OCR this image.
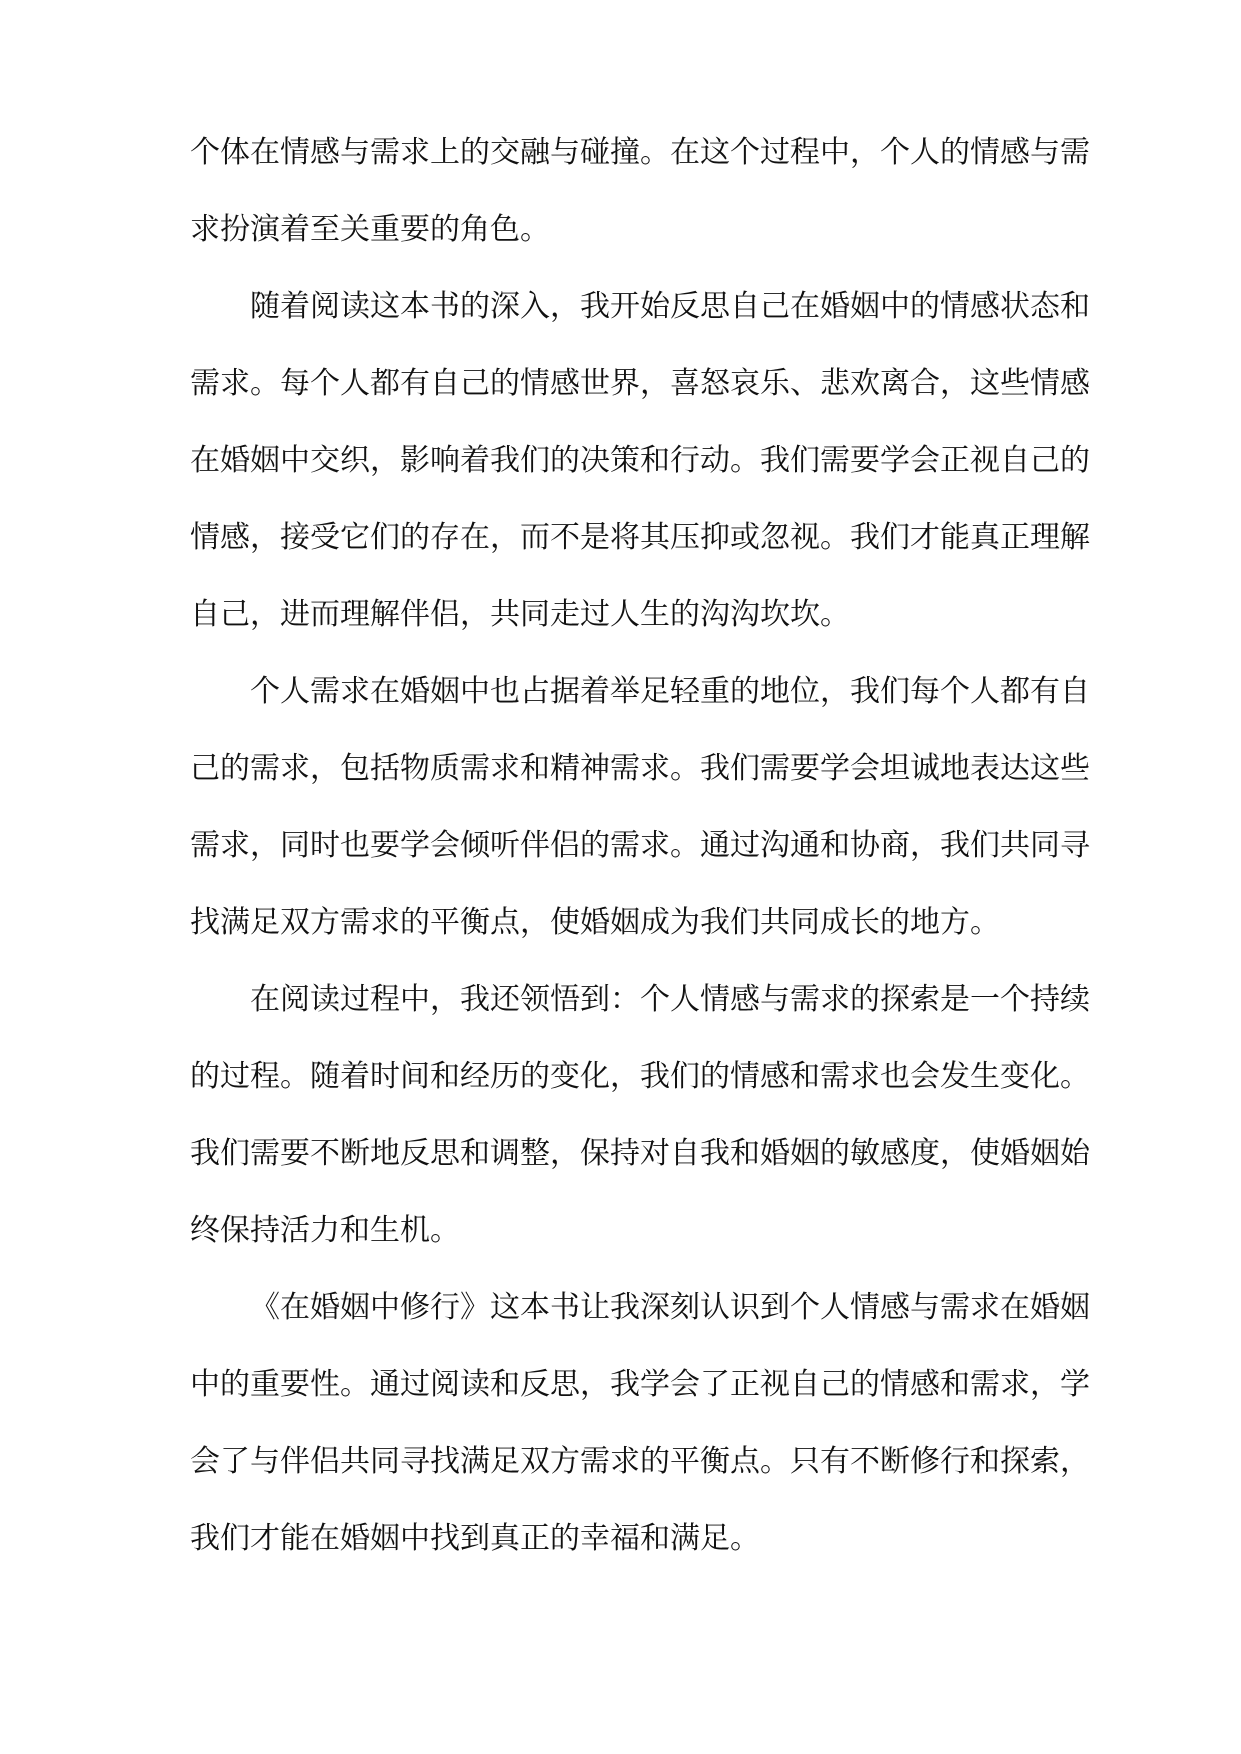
个体在情感与需求上的交融与碰撞。在这个过程中，个人的情感与需
求扮演着至关重要的角色。
随着阅读这本书的深入，我开始反思自己在婚姻中的情感状态和
需求。每个人都有自己的情感世界，喜怒哀乐、悲欢离合，这些情感
在婚姻中交织，影响着我们的决策和行动。我们需要学会正视自己的
情感，接受它们的存在，而不是将其压抑或忽视。我们才能真正理解
自己，进而理解伴侣，共同走过人生的沟沟坎坎。
个人需求在婚姻中也占据着举足轻重的地位，我们每个人都有自
己的需求，包括物质需求和精神需求。我们需要学会坦诚地表达这些
需求，同时也要学会倾听伴侣的需求。通过沟通和协商，我们共同寻
找满足双方需求的平衡点，使婚姻成为我们共同成长的地方。
在阅读过程中，我还领悟到：个人情感与需求的探索是一个持续
的过程。随着时间和经历的变化，我们的情感和需求也会发生变化。
我们需要不断地反思和调整，保持对自我和婚姻的敏感度，使婚姻始
终保持活力和生机。
《在婚姻中修行》这本书让我深刻认识到个人情感与需求在婚姻
中的重要性。通过阅读和反思，我学会了正视自己的情感和需求，学
会了与伴侣共同寻找满足双方需求的平衡点。只有不断修行和探索，
我们才能在婚姻中找到真正的幸福和满足。
